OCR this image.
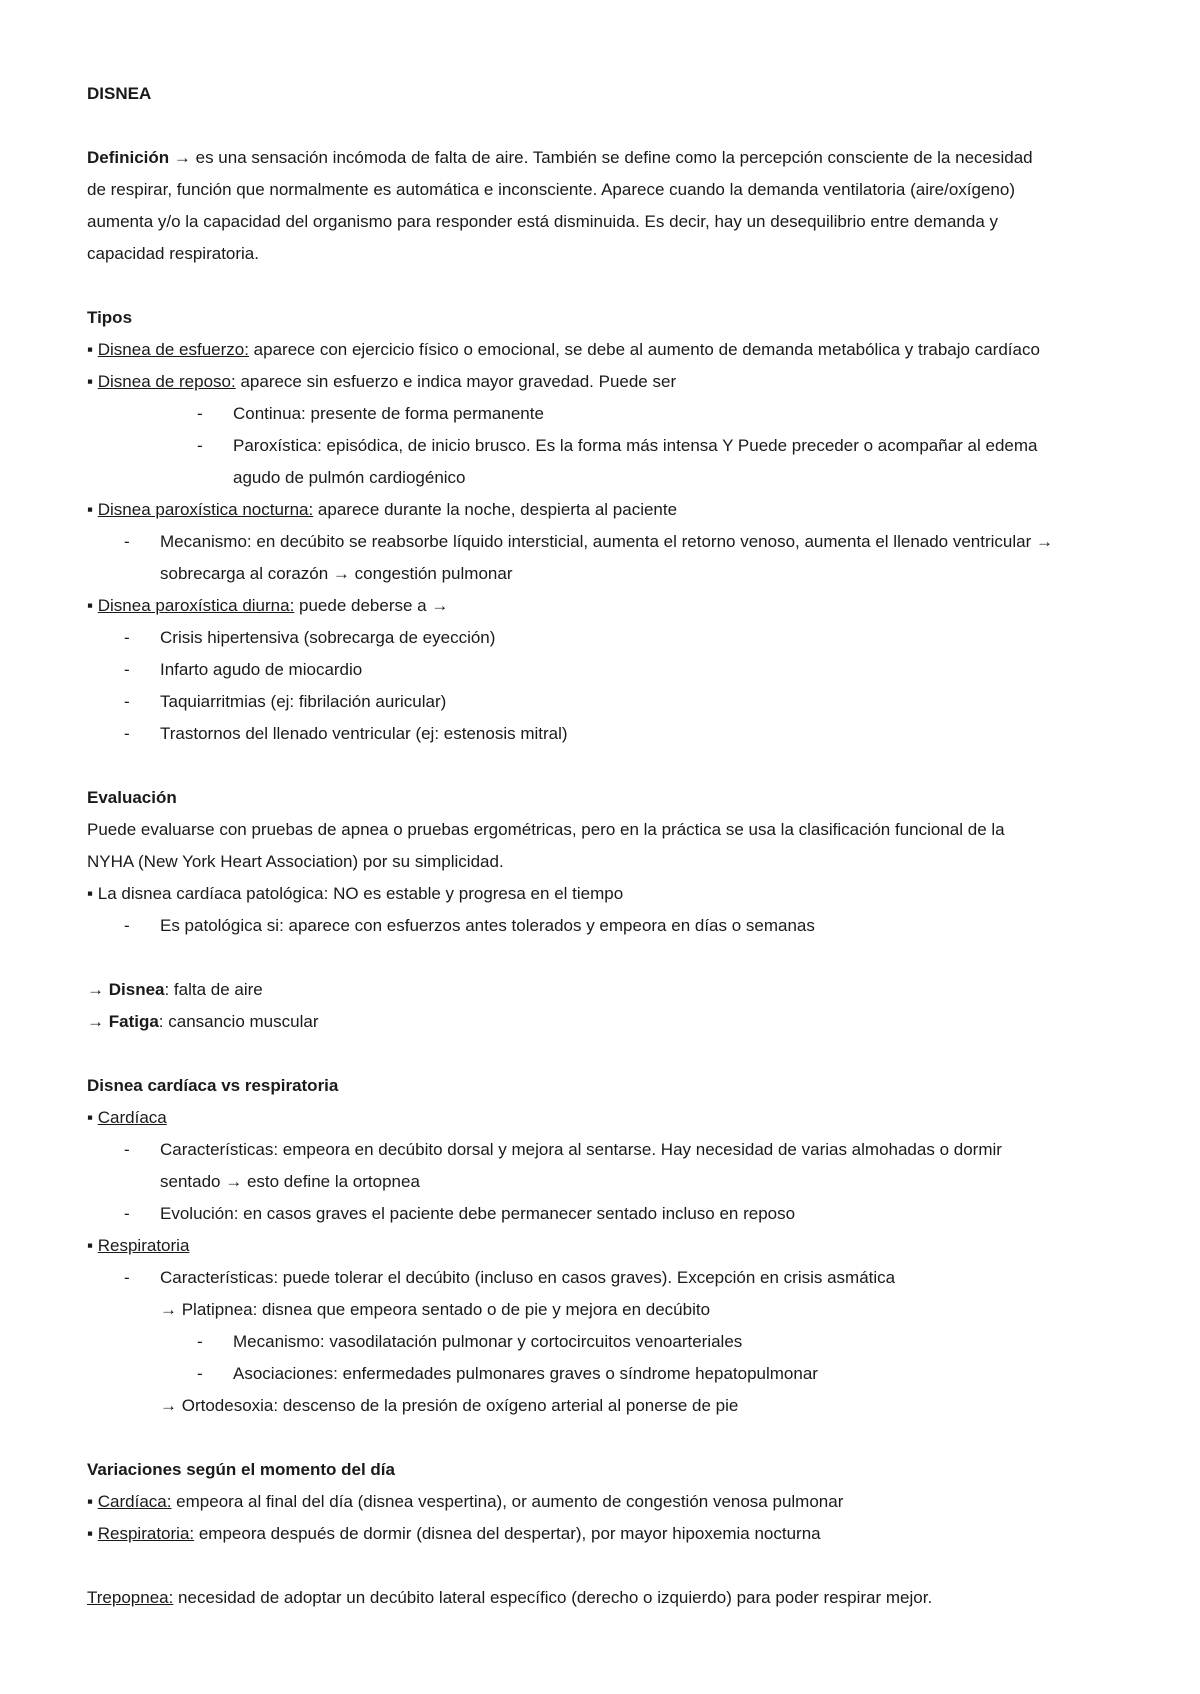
DISNEA
Definición → es una sensación incómoda de falta de aire. También se define como la percepción consciente de la necesidad
de respirar, función que normalmente es automática e inconsciente. Aparece cuando la demanda ventilatoria (aire/oxígeno)
aumenta y/o la capacidad del organismo para responder está disminuida. Es decir, hay un desequilibrio entre demanda y
capacidad respiratoria.
Tipos
▪ Disnea de esfuerzo: aparece con ejercicio físico o emocional, se debe al aumento de demanda metabólica y trabajo cardíaco
▪ Disnea de reposo: aparece sin esfuerzo e indica mayor gravedad. Puede ser
- Continua: presente de forma permanente
- Paroxística: episódica, de inicio brusco. Es la forma más intensa Y Puede preceder o acompañar al edema
agudo de pulmón cardiogénico
▪ Disnea paroxística nocturna: aparece durante la noche, despierta al paciente
- Mecanismo: en decúbito se reabsorbe líquido intersticial, aumenta el retorno venoso, aumenta el llenado ventricular →
sobrecarga al corazón → congestión pulmonar
▪ Disnea paroxística diurna: puede deberse a →
- Crisis hipertensiva (sobrecarga de eyección)
- Infarto agudo de miocardio
- Taquiarritmias (ej: fibrilación auricular)
- Trastornos del llenado ventricular (ej: estenosis mitral)
Evaluación
Puede evaluarse con pruebas de apnea o pruebas ergométricas, pero en la práctica se usa la clasificación funcional de la
NYHA (New York Heart Association) por su simplicidad.
▪ La disnea cardíaca patológica: NO es estable y progresa en el tiempo
- Es patológica si: aparece con esfuerzos antes tolerados y empeora en días o semanas
→ Disnea: falta de aire
→ Fatiga: cansancio muscular
Disnea cardíaca vs respiratoria
▪ Cardíaca
- Características: empeora en decúbito dorsal y mejora al sentarse. Hay necesidad de varias almohadas o dormir
sentado → esto define la ortopnea
- Evolución: en casos graves el paciente debe permanecer sentado incluso en reposo
▪ Respiratoria
- Características: puede tolerar el decúbito (incluso en casos graves). Excepción en crisis asmática
→ Platipnea: disnea que empeora sentado o de pie y mejora en decúbito
- Mecanismo: vasodilatación pulmonar y cortocircuitos venoarteriales
- Asociaciones: enfermedades pulmonares graves o síndrome hepatopulmonar
→ Ortodesoxia: descenso de la presión de oxígeno arterial al ponerse de pie
Variaciones según el momento del día
▪ Cardíaca: empeora al final del día (disnea vespertina), or aumento de congestión venosa pulmonar
▪ Respiratoria: empeora después de dormir (disnea del despertar), por mayor hipoxemia nocturna
Trepopnea: necesidad de adoptar un decúbito lateral específico (derecho o izquierdo) para poder respirar mejor.
